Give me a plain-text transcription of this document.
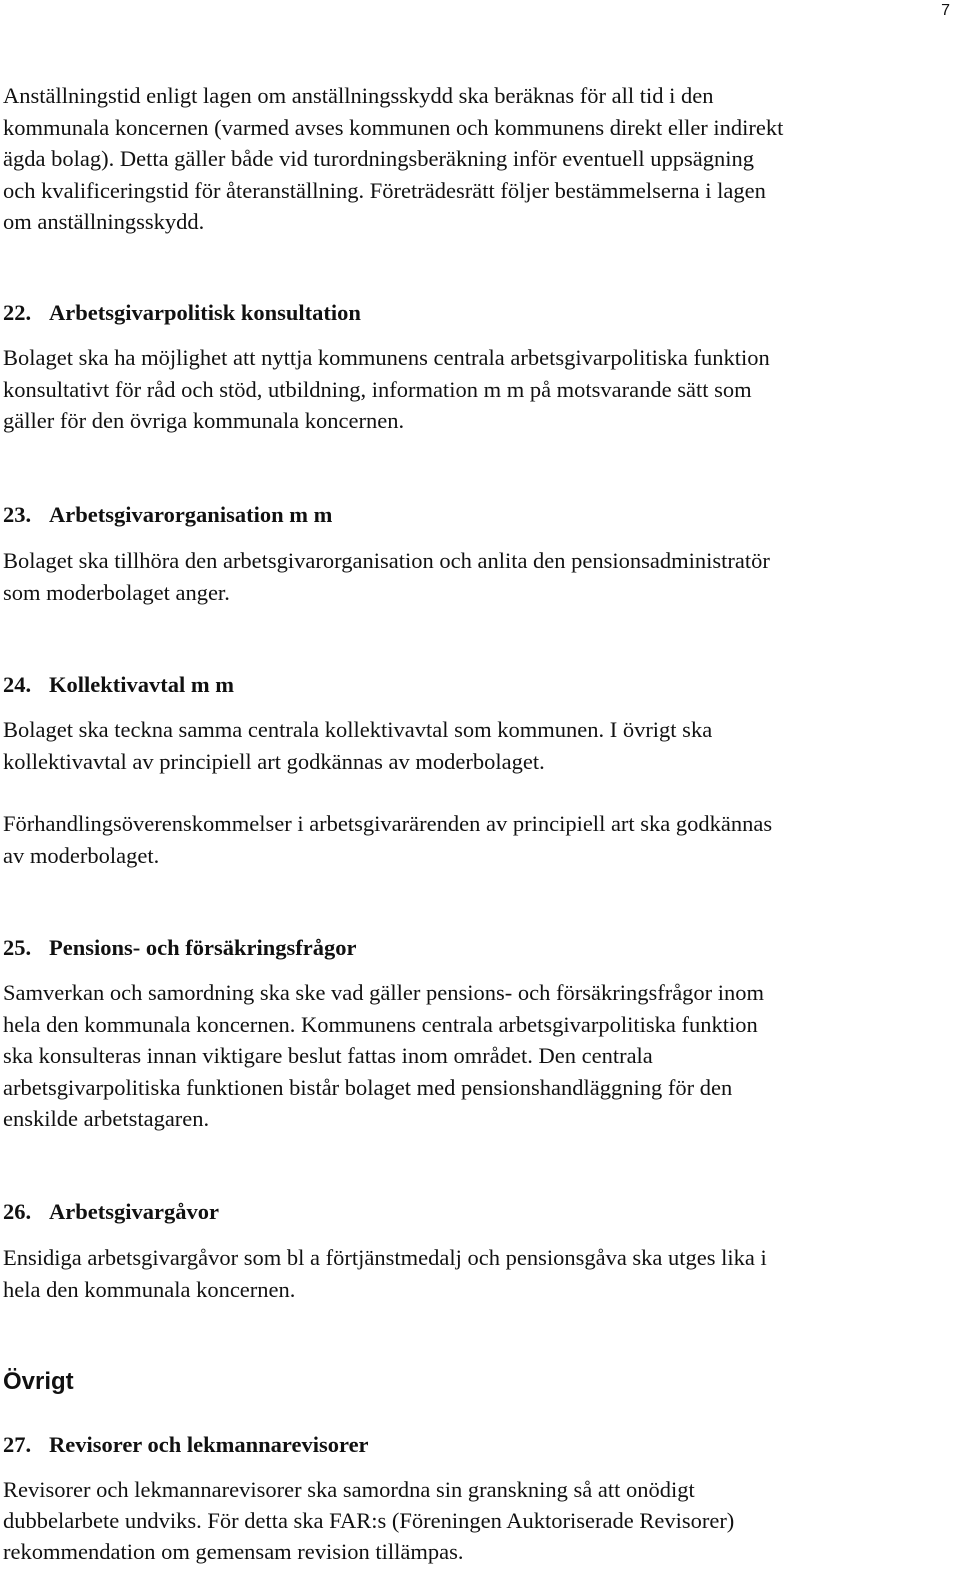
7

Anställningstid enligt lagen om anställningsskydd ska beräknas för all tid i den
kommunala koncernen (varmed avses kommunen och kommunens direkt eller indirekt
ägda bolag). Detta gäller både vid turordningsberäkning inför eventuell uppsägning
och kvalificeringstid för återanställning. Företrädesrätt följer bestämmelserna i lagen
om anställningsskydd.

22. Arbetsgivarpolitisk konsultation

Bolaget ska ha möjlighet att nyttja kommunens centrala arbetsgivarpolitiska funktion
konsultativt för råd och stöd, utbildning, information m m på motsvarande sätt som
gäller för den övriga kommunala koncernen.

23. Arbetsgivarorganisation m m

Bolaget ska tillhöra den arbetsgivarorganisation och anlita den pensionsadministratör
som moderbolaget anger.

24. Kollektivavtal m m

Bolaget ska teckna samma centrala kollektivavtal som kommunen. I övrigt ska
kollektivavtal av principiell art godkännas av moderbolaget.

Förhandlingsöverenskommelser i arbetsgivarärenden av principiell art ska godkännas
av moderbolaget.

25. Pensions- och försäkringsfrågor

Samverkan och samordning ska ske vad gäller pensions- och försäkringsfrågor inom
hela den kommunala koncernen. Kommunens centrala arbetsgivarpolitiska funktion
ska konsulteras innan viktigare beslut fattas inom området. Den centrala
arbetsgivarpolitiska funktionen bistår bolaget med pensionshandläggning för den
enskilde arbetstagaren.

26. Arbetsgivargåvor

Ensidiga arbetsgivargåvor som bl a förtjänstmedalj och pensionsgåva ska utges lika i
hela den kommunala koncernen.

Övrigt
27. Revisorer och lekmannarevisorer

Revisorer och lekmannarevisorer ska samordna sin granskning så att onödigt
dubbelarbete undviks. För detta ska FAR:s (Föreningen Auktoriserade Revisorer)
rekommendation om gemensam revision tillämpas.
